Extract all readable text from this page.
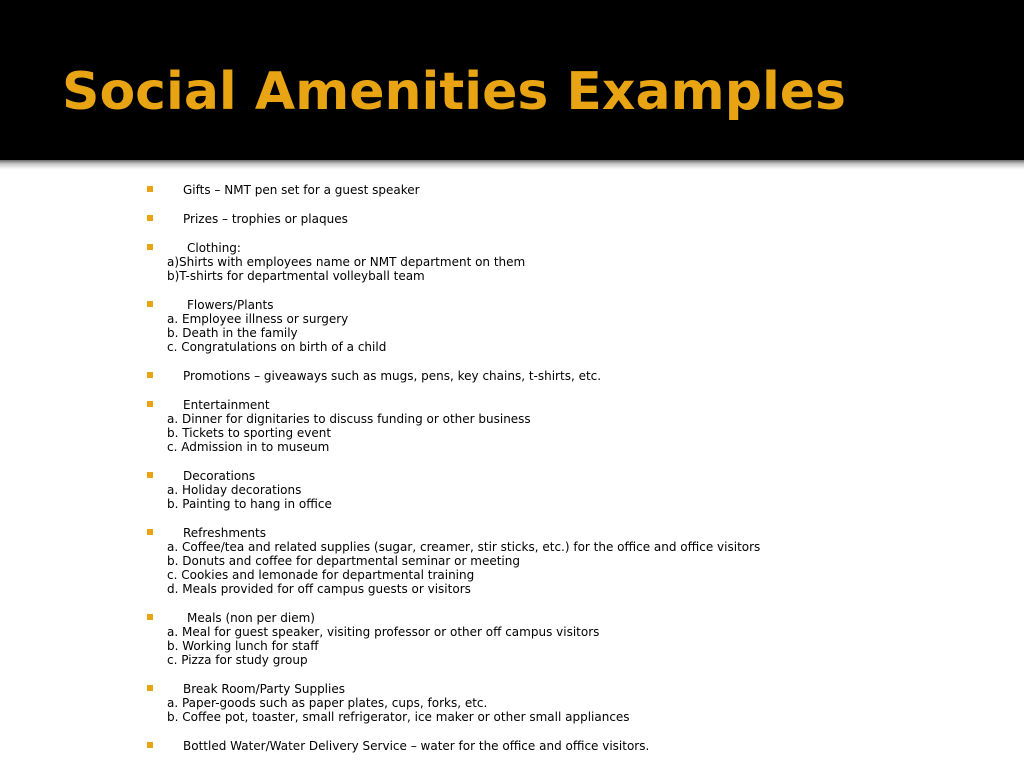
Social Amenities Examples
Gifts – NMT pen set for a guest speaker
Prizes – trophies or plaques
Clothing:
a)Shirts with employees name or NMT department on them
b)T-shirts for departmental volleyball team
Flowers/Plants
a. Employee illness or surgery
b. Death in the family
c. Congratulations on birth of a child
Promotions – giveaways such as mugs, pens, key chains, t-shirts, etc.
Entertainment
a. Dinner for dignitaries to discuss funding or other business
b. Tickets to sporting event
c. Admission in to museum
Decorations
a. Holiday decorations
b. Painting to hang in office
Refreshments
a. Coffee/tea and related supplies (sugar, creamer, stir sticks, etc.) for the office and office visitors
b. Donuts and coffee for departmental seminar or meeting
c. Cookies and lemonade for departmental training
d. Meals provided for off campus guests or visitors
Meals (non per diem)
a. Meal for guest speaker, visiting professor or other off campus visitors
b. Working lunch for staff
c. Pizza for study group
Break Room/Party Supplies
a. Paper-goods such as paper plates, cups, forks, etc.
b. Coffee pot, toaster, small refrigerator, ice maker or other small appliances
Bottled Water/Water Delivery Service – water for the office and office visitors.
